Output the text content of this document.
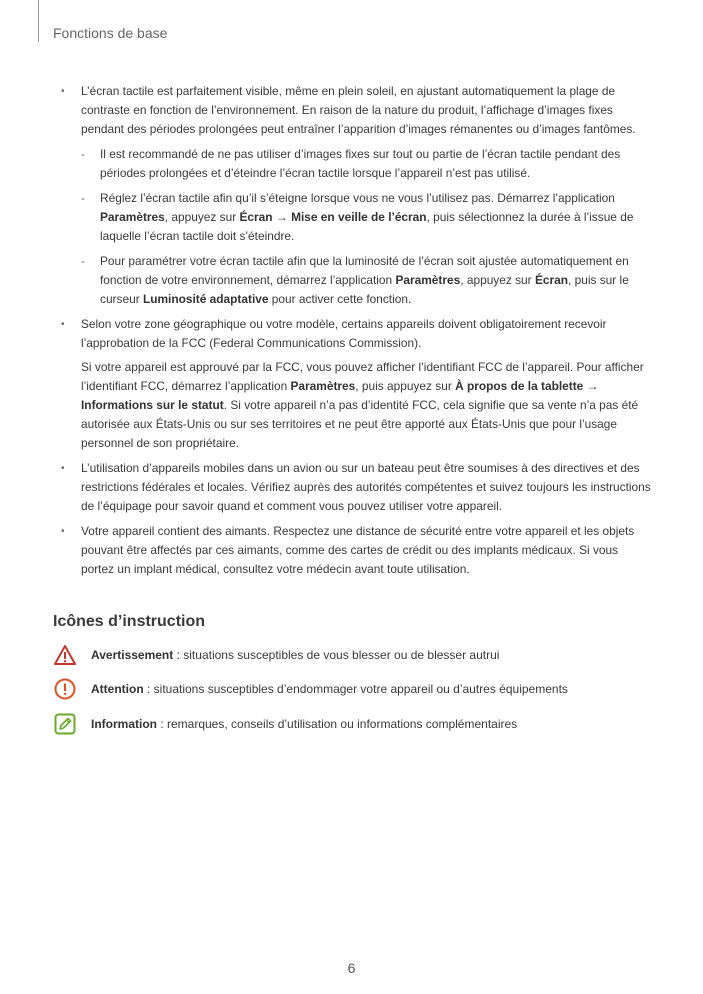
Fonctions de base
• L’écran tactile est parfaitement visible, même en plein soleil, en ajustant automatiquement la plage de contraste en fonction de l’environnement. En raison de la nature du produit, l’affichage d’images fixes pendant des périodes prolongées peut entraîner l’apparition d’images rémanentes ou d’images fantômes.
- Il est recommandé de ne pas utiliser d’images fixes sur tout ou partie de l’écran tactile pendant des périodes prolongées et d’éteindre l’écran tactile lorsque l’appareil n’est pas utilisé.
- Réglez l’écran tactile afin qu’il s’éteigne lorsque vous ne vous l’utilisez pas. Démarrez l’application Paramètres, appuyez sur Écran → Mise en veille de l’écran, puis sélectionnez la durée à l’issue de laquelle l’écran tactile doit s’éteindre.
- Pour paramétrer votre écran tactile afin que la luminosité de l’écran soit ajustée automatiquement en fonction de votre environnement, démarrez l’application Paramètres, appuyez sur Écran, puis sur le curseur Luminosité adaptative pour activer cette fonction.
• Selon votre zone géographique ou votre modèle, certains appareils doivent obligatoirement recevoir l’approbation de la FCC (Federal Communications Commission).
Si votre appareil est approuvé par la FCC, vous pouvez afficher l’identifiant FCC de l’appareil. Pour afficher l’identifiant FCC, démarrez l’application Paramètres, puis appuyez sur À propos de la tablette → Informations sur le statut. Si votre appareil n’a pas d’identité FCC, cela signifie que sa vente n’a pas été autorisée aux États-Unis ou sur ses territoires et ne peut être apporté aux États-Unis que pour l’usage personnel de son propriétaire.
• L’utilisation d’appareils mobiles dans un avion ou sur un bateau peut être soumises à des directives et des restrictions fédérales et locales. Vérifiez auprès des autorités compétentes et suivez toujours les instructions de l’équipage pour savoir quand et comment vous pouvez utiliser votre appareil.
• Votre appareil contient des aimants. Respectez une distance de sécurité entre votre appareil et les objets pouvant être affectés par ces aimants, comme des cartes de crédit ou des implants médicaux. Si vous portez un implant médical, consultez votre médecin avant toute utilisation.
Icônes d’instruction
Avertissement : situations susceptibles de vous blesser ou de blesser autrui
Attention : situations susceptibles d’endommager votre appareil ou d’autres équipements
Information : remarques, conseils d’utilisation ou informations complémentaires
6
